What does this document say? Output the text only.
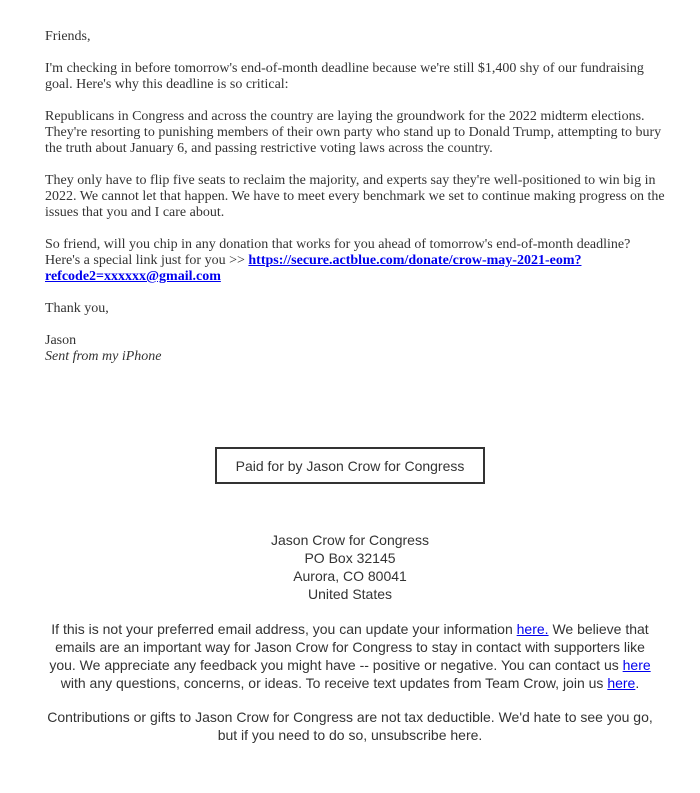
Friends,

I'm checking in before tomorrow's end-of-month deadline because we're still $1,400 shy of our fundraising goal. Here's why this deadline is so critical:

Republicans in Congress and across the country are laying the groundwork for the 2022 midterm elections. They're resorting to punishing members of their own party who stand up to Donald Trump, attempting to bury the truth about January 6, and passing restrictive voting laws across the country.

They only have to flip five seats to reclaim the majority, and experts say they're well-positioned to win big in 2022. We cannot let that happen. We have to meet every benchmark we set to continue making progress on the issues that you and I care about.

So friend, will you chip in any donation that works for you ahead of tomorrow's end-of-month deadline? Here's a special link just for you >> https://secure.actblue.com/donate/crow-may-2021-eom?refcode2=xxxxxx@gmail.com

Thank you,

Jason
Sent from my iPhone

Paid for by Jason Crow for Congress
Jason Crow for Congress
PO Box 32145
Aurora, CO 80041
United States
If this is not your preferred email address, you can update your information here. We believe that emails are an important way for Jason Crow for Congress to stay in contact with supporters like you. We appreciate any feedback you might have -- positive or negative. You can contact us here with any questions, concerns, or ideas. To receive text updates from Team Crow, join us here.
Contributions or gifts to Jason Crow for Congress are not tax deductible. We'd hate to see you go, but if you need to do so, unsubscribe here.
